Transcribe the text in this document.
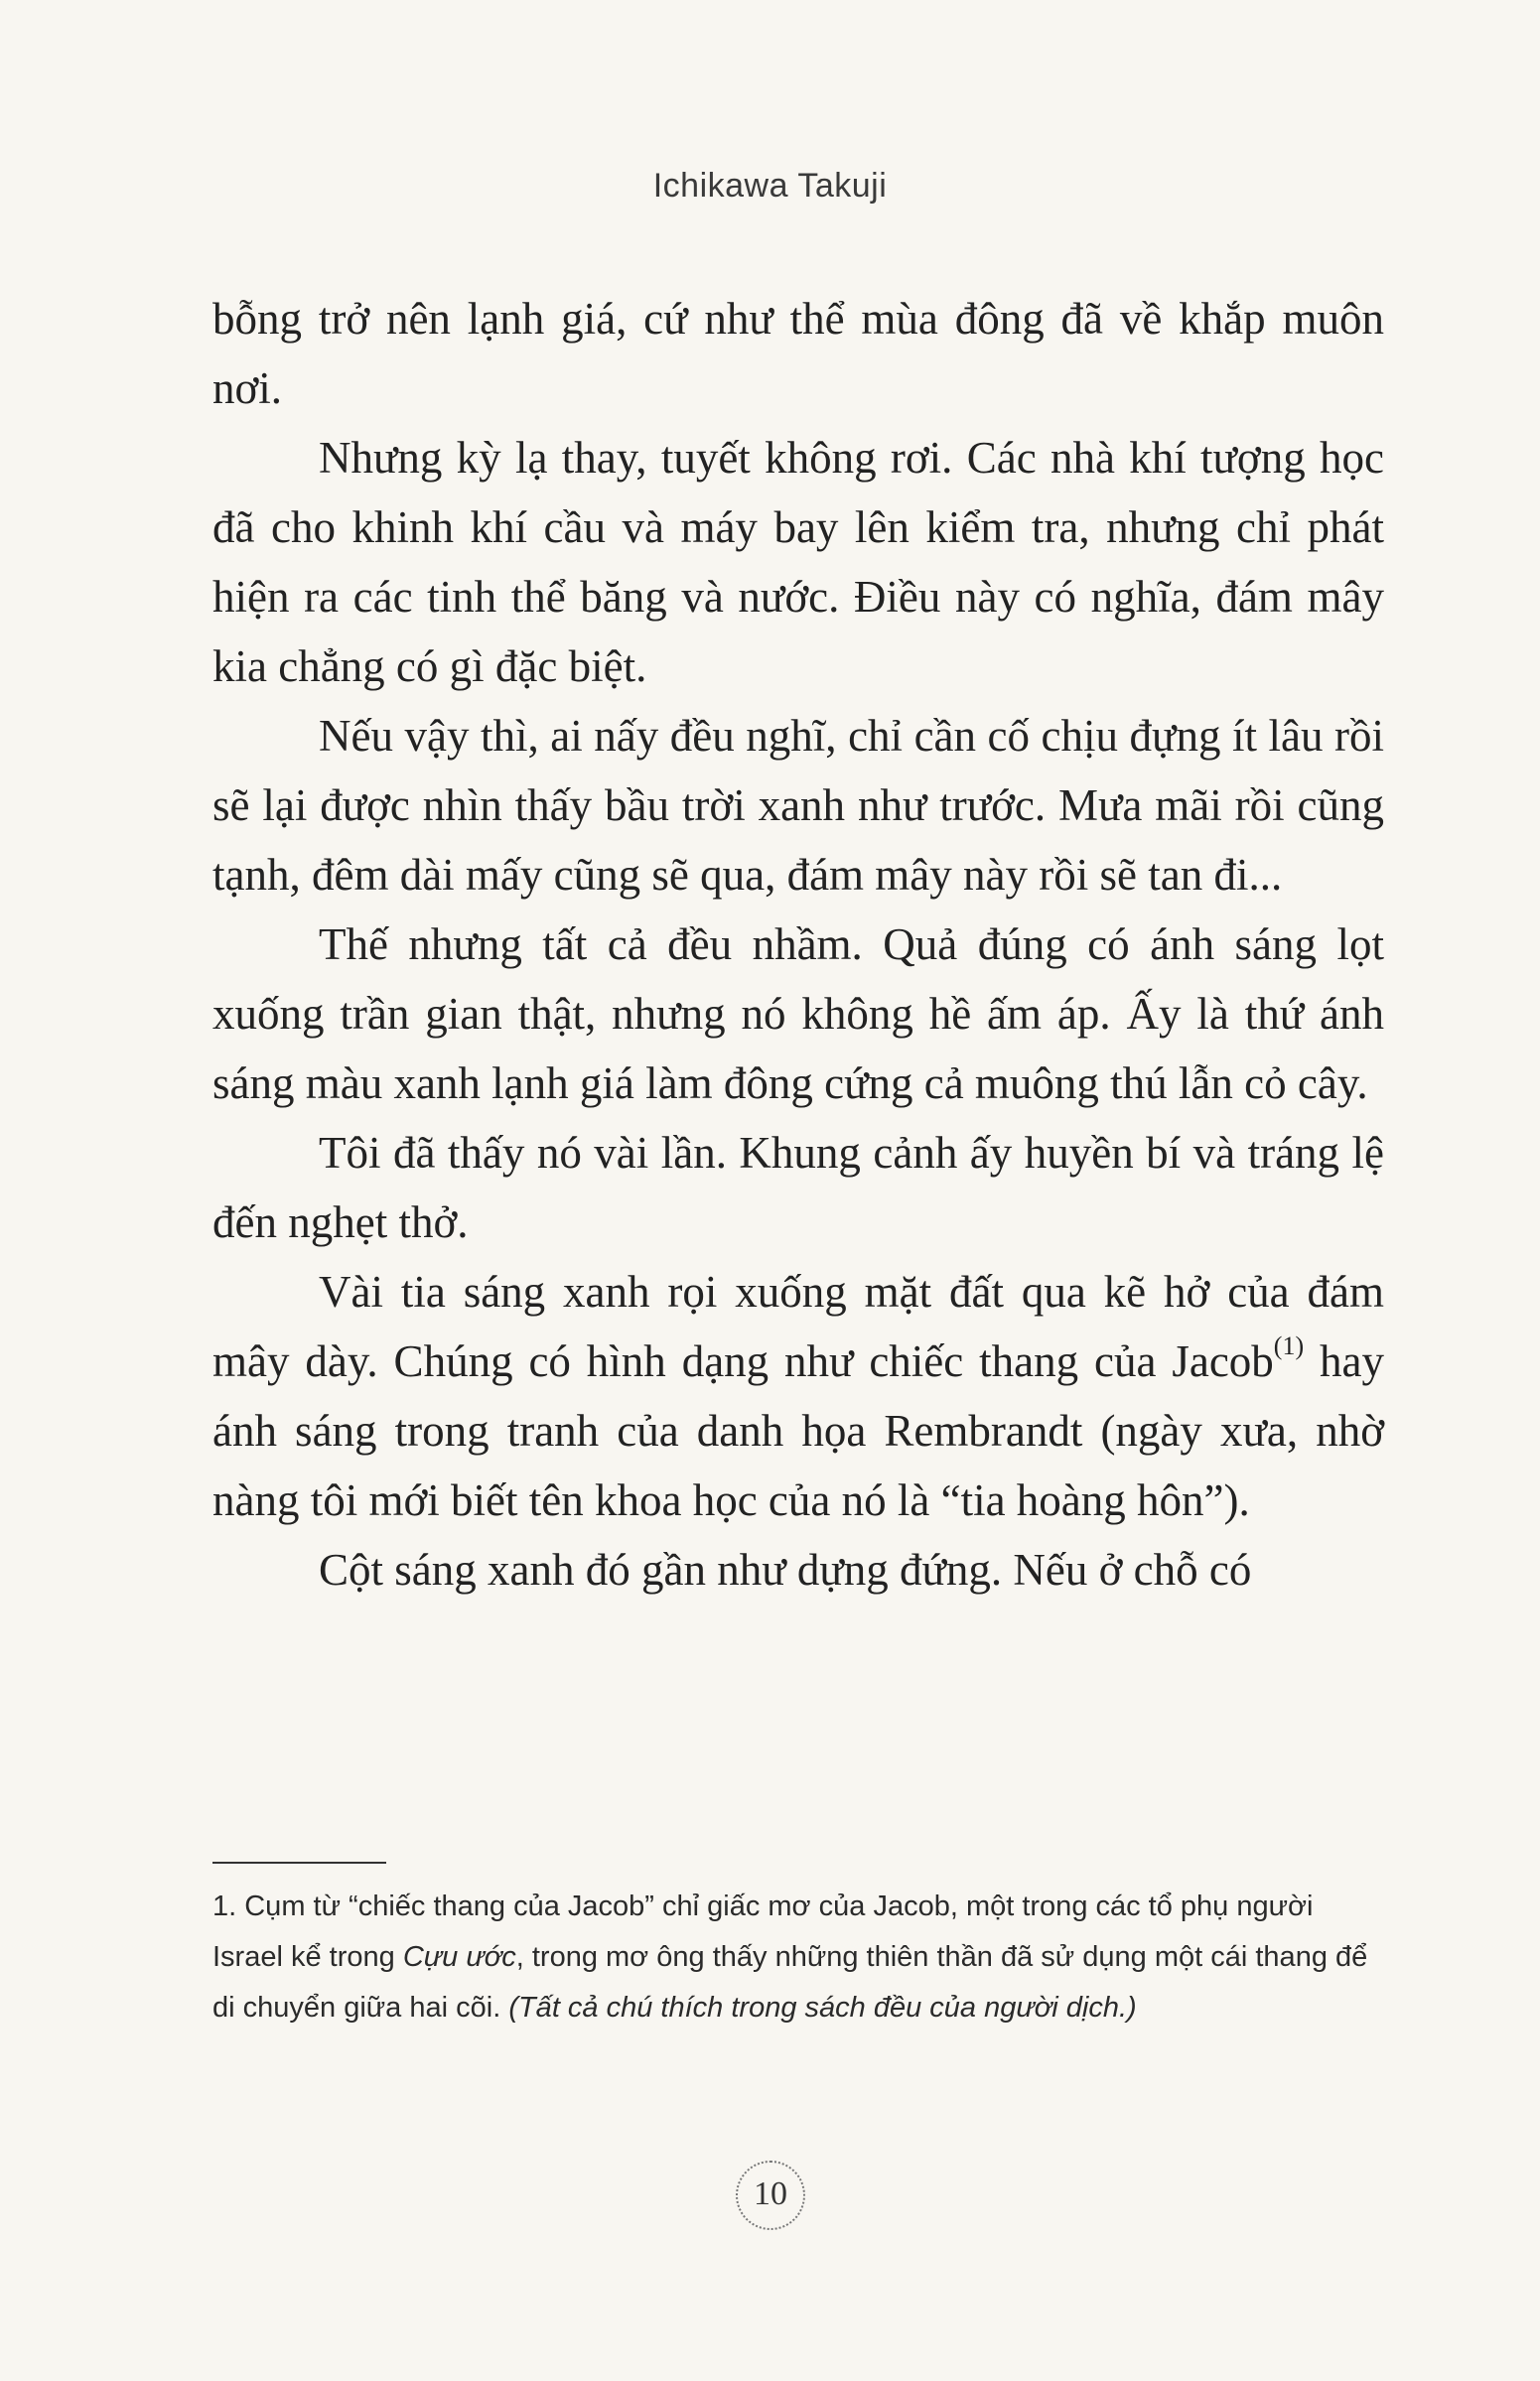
Ichikawa Takuji

bỗng trở nên lạnh giá, cứ như thể mùa đông đã về khắp muôn nơi.

Nhưng kỳ lạ thay, tuyết không rơi. Các nhà khí tượng học đã cho khinh khí cầu và máy bay lên kiểm tra, nhưng chỉ phát hiện ra các tinh thể băng và nước. Điều này có nghĩa, đám mây kia chẳng có gì đặc biệt.

Nếu vậy thì, ai nấy đều nghĩ, chỉ cần cố chịu đựng ít lâu rồi sẽ lại được nhìn thấy bầu trời xanh như trước. Mưa mãi rồi cũng tạnh, đêm dài mấy cũng sẽ qua, đám mây này rồi sẽ tan đi...

Thế nhưng tất cả đều nhầm. Quả đúng có ánh sáng lọt xuống trần gian thật, nhưng nó không hề ấm áp. Ấy là thứ ánh sáng màu xanh lạnh giá làm đông cứng cả muông thú lẫn cỏ cây.

Tôi đã thấy nó vài lần. Khung cảnh ấy huyền bí và tráng lệ đến nghẹt thở.

Vài tia sáng xanh rọi xuống mặt đất qua kẽ hở của đám mây dày. Chúng có hình dạng như chiếc thang của Jacob$^{(1)}$ hay ánh sáng trong tranh của danh họa Rembrandt (ngày xưa, nhờ nàng tôi mới biết tên khoa học của nó là “tia hoàng hôn”).

Cột sáng xanh đó gần như dựng đứng. Nếu ở chỗ có

1. Cụm từ “chiếc thang của Jacob” chỉ giấc mơ của Jacob, một trong các tổ phụ người Israel kể trong Cựu ước, trong mơ ông thấy những thiên thần đã sử dụng một cái thang để di chuyển giữa hai cõi. (Tất cả chú thích trong sách đều của người dịch.)
10
